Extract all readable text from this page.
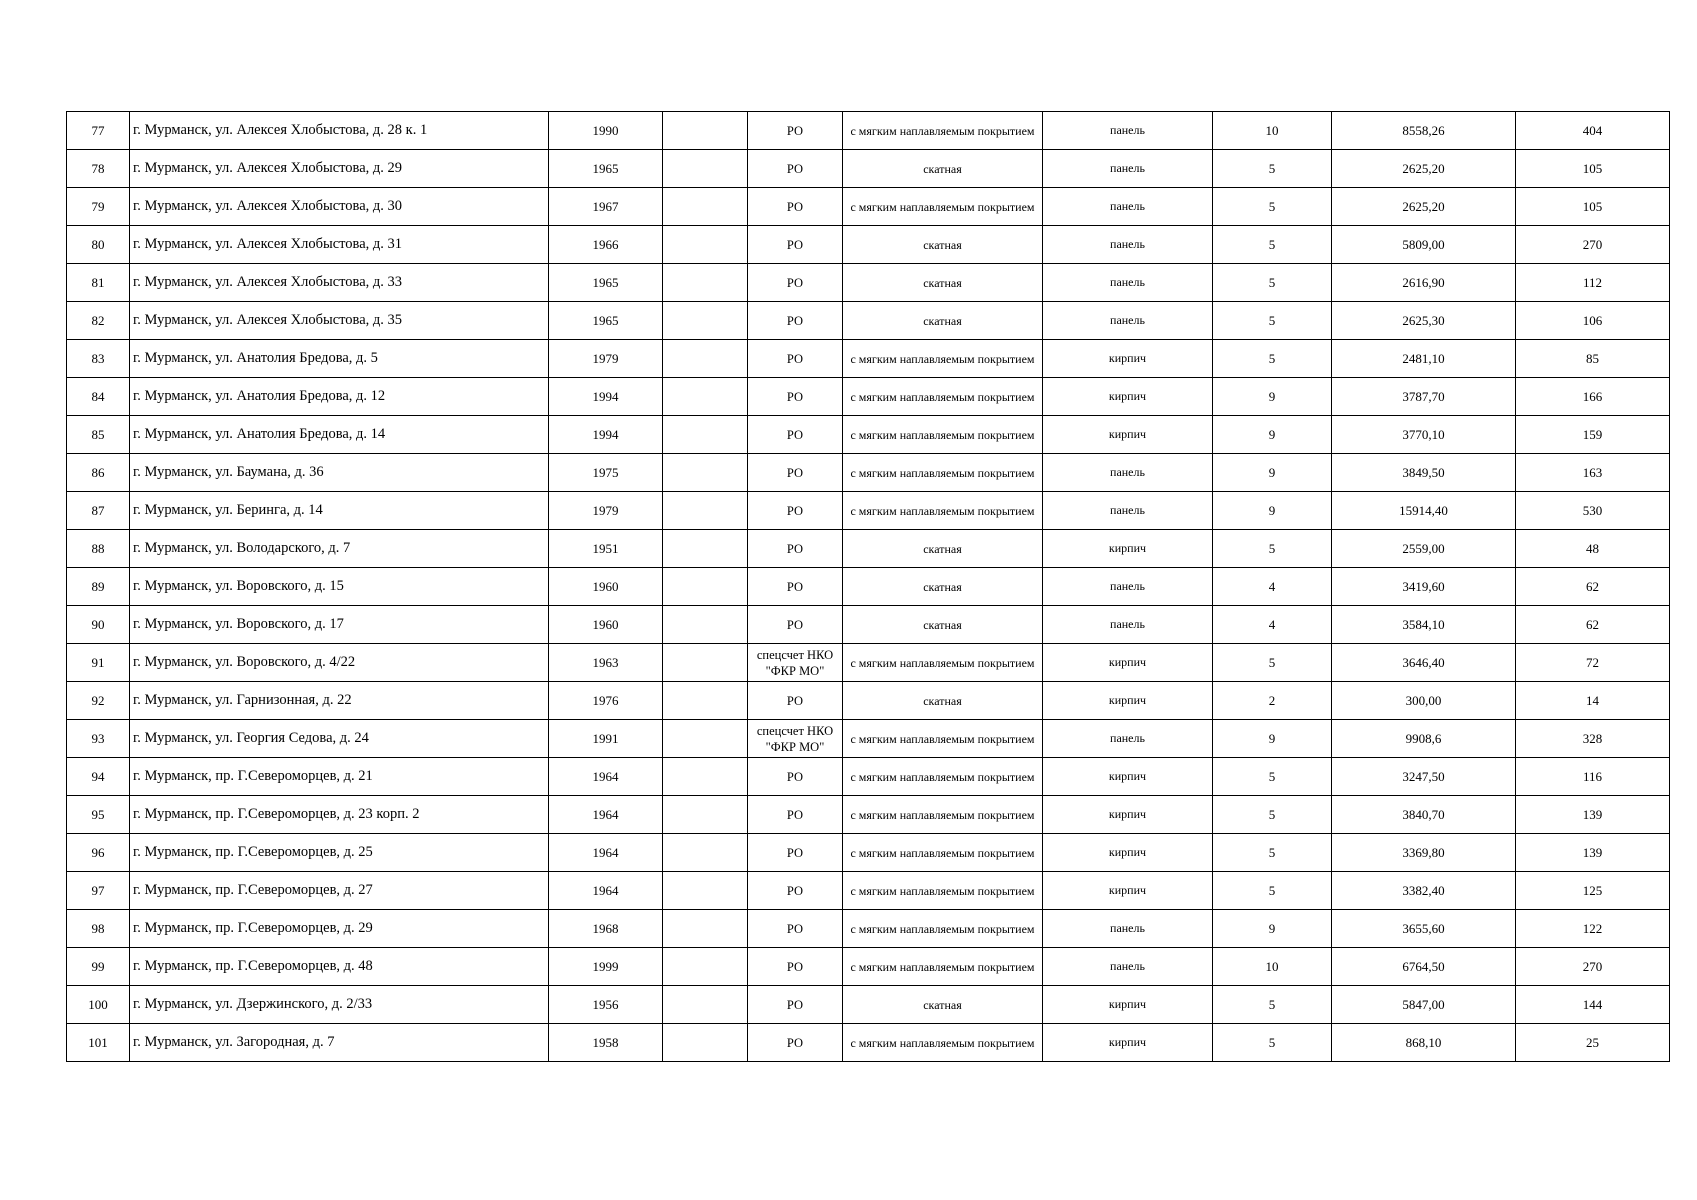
77	г. Мурманск, ул. Алексея Хлобыстова, д. 28 к. 1	1990		РО	с мягким наплавляемым покрытием	панель	10	8558,26	404
78	г. Мурманск, ул. Алексея Хлобыстова, д. 29	1965		РО	скатная	панель	5	2625,20	105
79	г. Мурманск, ул. Алексея Хлобыстова, д. 30	1967		РО	с мягким наплавляемым покрытием	панель	5	2625,20	105
80	г. Мурманск, ул. Алексея Хлобыстова, д. 31	1966		РО	скатная	панель	5	5809,00	270
81	г. Мурманск, ул. Алексея Хлобыстова, д. 33	1965		РО	скатная	панель	5	2616,90	112
82	г. Мурманск, ул. Алексея Хлобыстова, д. 35	1965		РО	скатная	панель	5	2625,30	106
83	г. Мурманск, ул. Анатолия Бредова, д. 5	1979		РО	с мягким наплавляемым покрытием	кирпич	5	2481,10	85
84	г. Мурманск, ул. Анатолия Бредова, д. 12	1994		РО	с мягким наплавляемым покрытием	кирпич	9	3787,70	166
85	г. Мурманск, ул. Анатолия Бредова, д. 14	1994		РО	с мягким наплавляемым покрытием	кирпич	9	3770,10	159
86	г. Мурманск, ул. Баумана, д. 36	1975		РО	с мягким наплавляемым покрытием	панель	9	3849,50	163
87	г. Мурманск, ул. Беринга, д. 14	1979		РО	с мягким наплавляемым покрытием	панель	9	15914,40	530
88	г. Мурманск, ул. Володарского, д. 7	1951		РО	скатная	кирпич	5	2559,00	48
89	г. Мурманск, ул. Воровского, д. 15	1960		РО	скатная	панель	4	3419,60	62
90	г. Мурманск, ул. Воровского, д. 17	1960		РО	скатная	панель	4	3584,10	62
91	г. Мурманск, ул. Воровского, д. 4/22	1963		спецсчет НКО "ФКР МО"	с мягким наплавляемым покрытием	кирпич	5	3646,40	72
92	г. Мурманск, ул. Гарнизонная, д. 22	1976		РО	скатная	кирпич	2	300,00	14
93	г. Мурманск, ул. Георгия Седова, д. 24	1991		спецсчет НКО "ФКР МО"	с мягким наплавляемым покрытием	панель	9	9908,6	328
94	г. Мурманск, пр. Г.Североморцев, д. 21	1964		РО	с мягким наплавляемым покрытием	кирпич	5	3247,50	116
95	г. Мурманск, пр. Г.Североморцев, д. 23 корп. 2	1964		РО	с мягким наплавляемым покрытием	кирпич	5	3840,70	139
96	г. Мурманск, пр. Г.Североморцев, д. 25	1964		РО	с мягким наплавляемым покрытием	кирпич	5	3369,80	139
97	г. Мурманск, пр. Г.Североморцев, д. 27	1964		РО	с мягким наплавляемым покрытием	кирпич	5	3382,40	125
98	г. Мурманск, пр. Г.Североморцев, д. 29	1968		РО	с мягким наплавляемым покрытием	панель	9	3655,60	122
99	г. Мурманск, пр. Г.Североморцев, д. 48	1999		РО	с мягким наплавляемым покрытием	панель	10	6764,50	270
100	г. Мурманск, ул. Дзержинского, д. 2/33	1956		РО	скатная	кирпич	5	5847,00	144
101	г. Мурманск, ул. Загородная, д. 7	1958		РО	с мягким наплавляемым покрытием	кирпич	5	868,10	25
